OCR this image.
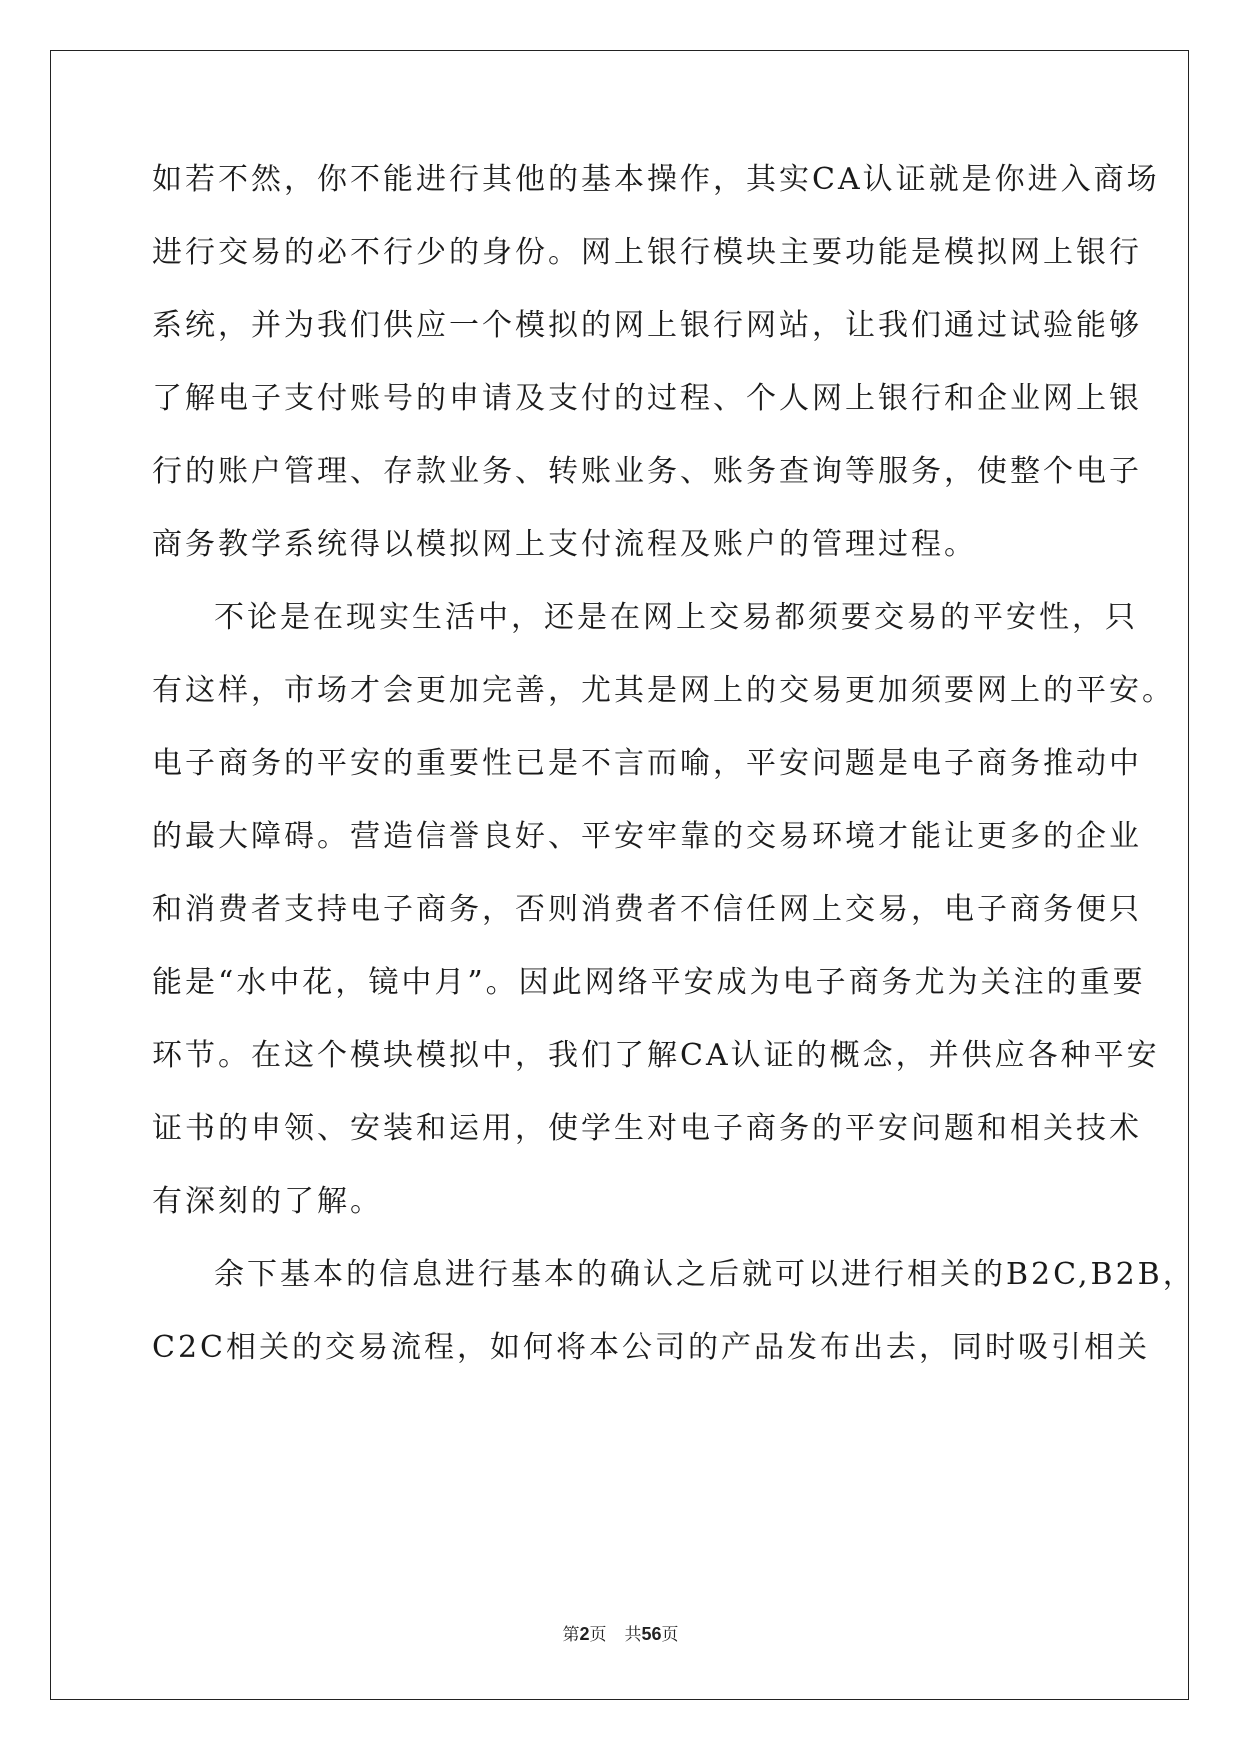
如若不然，你不能进行其他的基本操作，其实CA认证就是你进入商场
进行交易的必不行少的身份。网上银行模块主要功能是模拟网上银行
系统，并为我们供应一个模拟的网上银行网站，让我们通过试验能够
了解电子支付账号的申请及支付的过程、个人网上银行和企业网上银
行的账户管理、存款业务、转账业务、账务查询等服务，使整个电子
商务教学系统得以模拟网上支付流程及账户的管理过程。
不论是在现实生活中，还是在网上交易都须要交易的平安性，只
有这样，市场才会更加完善，尤其是网上的交易更加须要网上的平安。
电子商务的平安的重要性已是不言而喻，平安问题是电子商务推动中
的最大障碍。营造信誉良好、平安牢靠的交易环境才能让更多的企业
和消费者支持电子商务，否则消费者不信任网上交易，电子商务便只
能是“水中花，镜中月”。因此网络平安成为电子商务尤为关注的重要
环节。在这个模块模拟中，我们了解CA认证的概念，并供应各种平安
证书的申领、安装和运用，使学生对电子商务的平安问题和相关技术
有深刻的了解。
余下基本的信息进行基本的确认之后就可以进行相关的B2C,B2B，
C2C相关的交易流程，如何将本公司的产品发布出去，同时吸引相关
第2页 共56页
